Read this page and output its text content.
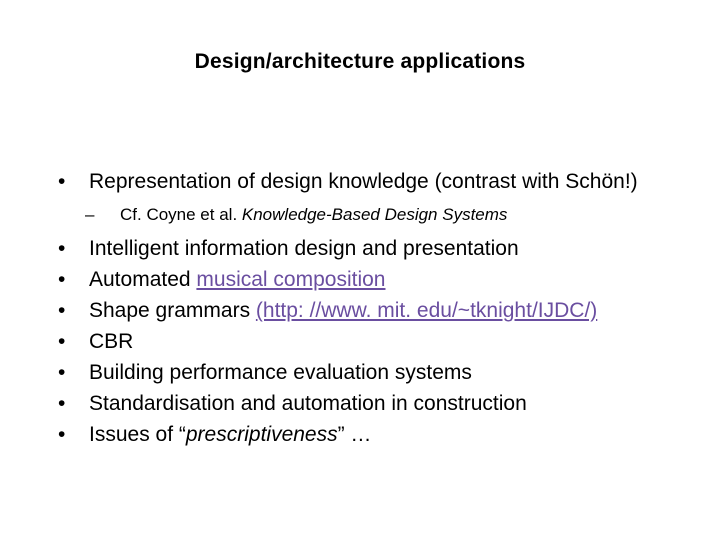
Design/architecture applications
• Representation of design knowledge (contrast with Schön!)
– Cf. Coyne et al. Knowledge-Based Design Systems
• Intelligent information design and presentation
• Automated musical composition
• Shape grammars (http: //www. mit. edu/~tknight/IJDC/)
• CBR
• Building performance evaluation systems
• Standardisation and automation in construction
• Issues of “prescriptiveness” …
